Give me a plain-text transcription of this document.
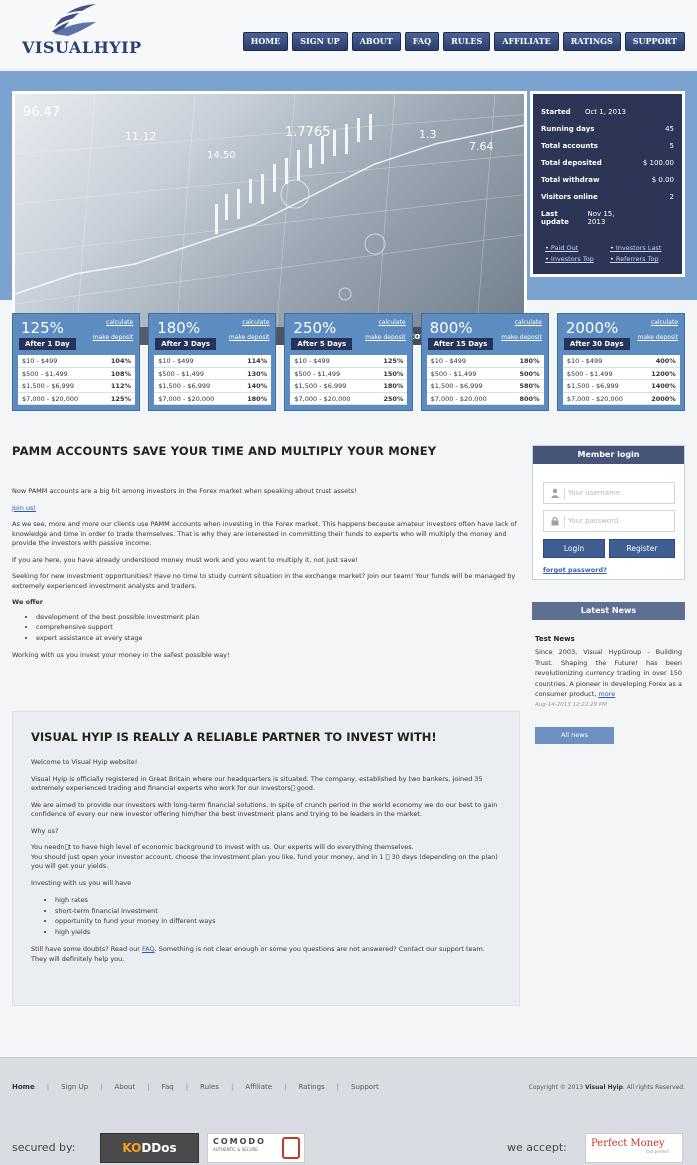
VISUALHYIP	HOME	SIGN UP	ABOUT	FAQ	RULES	AFFILIATE	RATINGS	SUPPORT
96.47
11.12
14.50
1.7765	1.3
7.64
Started Oct 1, 2013
Running days	45
Total accounts	5
Total deposited	$ 100.00
Total withdraw	$ 0.00
Visitors online	2
Last update
Nov 15, 2013
• Paid Out	• Investors Last
• Investors Top	• Referrers Top
125%	calculate
make deposit
After 1 Day
$10 - $499	104%
$500 - $1,499	108%
$1,500 - $6,999	112%
$7,000 - $20,000	125%
180%	calculate
make deposit
After 3 Days
$10 - $499	114%
$500 - $1,499	130%
$1,500 - $6,999	140%
$7,000 - $20,000	180%
250%	calculate
make deposit
After 5 Days
$10 - $499	125%
$500 - $1,499	150%
$1,500 - $6,999	180%
$7,000 - $20,000	250%
800%	calculate
make deposit
After 15 Days
$10 - $499	180%
$500 - $1,499	500%
$1,500 - $6,999	580%
$7,000 - $20,000	800%
2000%	calculate
make deposit
After 30 Days
$10 - $499	400%
$500 - $1,499	1200%
$1,500 - $6,999	1400%
$7,000 - $20,000	2000%
PAMM ACCOUNTS SAVE YOUR TIME AND MULTIPLY YOUR MONEY

Now PAMM accounts are a big hit among investors in the Forex market when speaking about trust assets!

Join us!

As we see, more and more our clients use PAMM accounts when investing in the Forex market. This happens because amateur investors often have lack of knowledge and time in order to trade themselves. That is why they are interested in committing their funds to experts who will multiply the money and provide the investors with passive income.

If you are here, you have already understood money must work and you want to multiply it, not just save!

Seeking for new investment opportunities? Have no time to study current situation in the exchange market? Join our team! Your funds will be managed by extremely experienced investment analysts and traders.

We offer
• development of the best possible investment plan
• comprehensive support
• expert assistance at every stage

Working with us you invest your money in the safest possible way!

VISUAL HYIP IS REALLY A RELIABLE PARTNER TO INVEST WITH!

Welcome to Visual Hyip website!

Visual Hyip is officially registered in Great Britain where our headquarters is situated. The company, established by two bankers, joined 35 extremely experienced trading and financial experts who work for our investors  good.

We are aimed to provide our investors with long-term financial solutions. In spite of crunch period in the world economy we do our best to gain confidence of every our new investor offering him/her the best investment plans and trying to be leaders in the market.

Why us?

You needn t to have high level of economic background to invest with us. Our experts will do everything themselves.
You should just open your investor account, choose the investment plan you like, fund your money, and in 1   30 days (depending on the plan) you will get your yields.

Investing with us you will have

• high rates
• short-term financial investment
• opportunity to fund your money in different ways
• high yields

Still have some doubts? Read our FAQ. Something is not clear enough or some you questions are not answered? Contact our support team. They will definitely help you.

Member login
Your username
Login	Register
forgot password?
Latest News
Test News
Since 2003, Visual HypGroup - Building Trust. Shaping the Future! has been revolutionizing currency trading in over 150 countries. A pioneer in developing Forex as a consumer product, more
Aug-14-2013 12:22:29 PM
All news
Home | Sign Up | About | Faq | Rules | Affiliate | Ratings | Support	Copyright © 2013 Visual Hyip. All rights Reserved.
secured by:	KODDos	COMODO
AUTHENTIC & SECURE	we accept: Perfect Money
fast perfect
